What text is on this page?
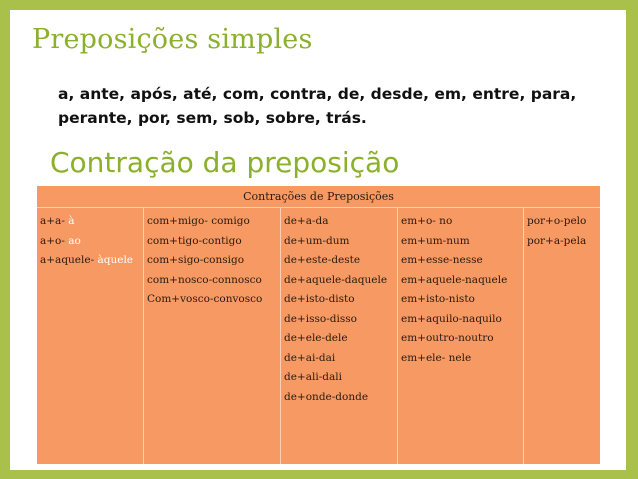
Preposições simples
a, ante, após, até, com, contra, de, desde, em, entre, para, perante, por, sem, sob, sobre, trás.
Contração da preposição
Contrações de Preposições
a+a- à
a+o- ao
a+aquele- àquele
com+migo- comigo
com+tigo-contigo
com+sigo-consigo
com+nosco-connosco
Com+vosco-convosco
de+a-da
de+um-dum
de+este-deste
de+aquele-daquele
de+isto-disto
de+isso-disso
de+ele-dele
de+ai-dai
de+ali-dali
de+onde-donde
em+o- no
em+um-num
em+esse-nesse
em+aquele-naquele
em+isto-nisto
em+aquilo-naquilo
em+outro-noutro
em+ele- nele
por+o-pelo
por+a-pela
